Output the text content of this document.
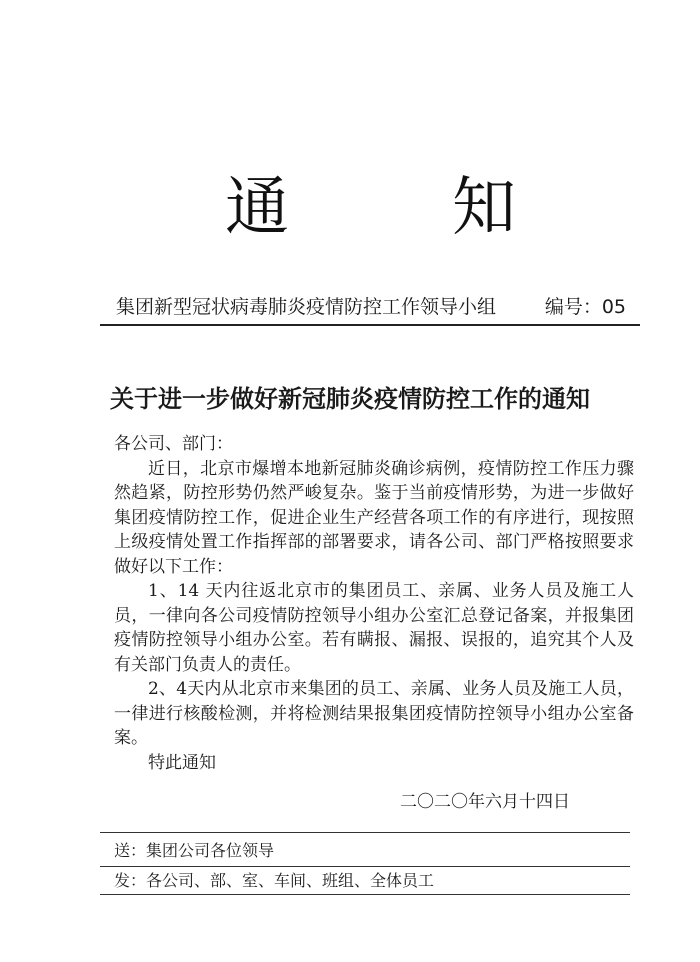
通	知
集团新型冠状病毒肺炎疫情防控工作领导小组	编号：05
关于进一步做好新冠肺炎疫情防控工作的通知

各公司、部门：

近日，北京市爆增本地新冠肺炎确诊病例，疫情防控工作压力骤然趋紧，防控形势仍然严峻复杂。鉴于当前疫情形势，为进一步做好集团疫情防控工作，促进企业生产经营各项工作的有序进行，现按照上级疫情处置工作指挥部的部署要求，请各公司、部门严格按照要求做好以下工作：

1、14 天内往返北京市的集团员工、亲属、业务人员及施工人员，一律向各公司疫情防控领导小组办公室汇总登记备案，并报集团疫情防控领导小组办公室。若有瞒报、漏报、误报的，追究其个人及有关部门负责人的责任。

2、4天内从北京市来集团的员工、亲属、业务人员及施工人员，一律进行核酸检测，并将检测结果报集团疫情防控领导小组办公室备案。

特此通知

二〇二〇年六月十四日
送：集团公司各位领导
发：各公司、部、室、车间、班组、全体员工
